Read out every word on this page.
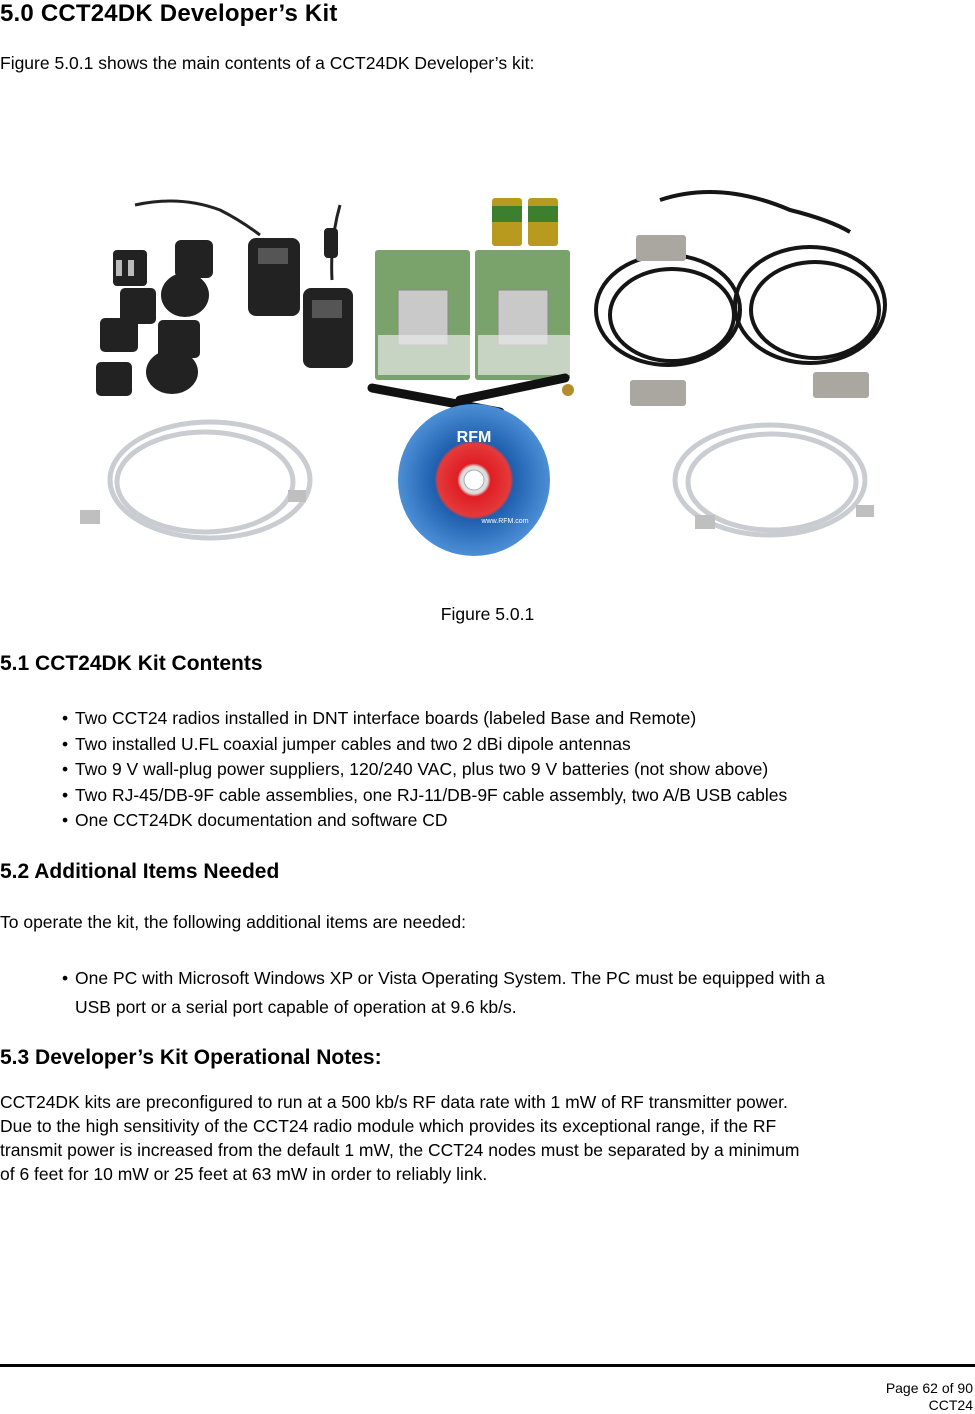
5.0 CCT24DK Developer’s Kit
Figure 5.0.1 shows the main contents of a CCT24DK Developer’s kit:
RFM
www.RFM.com
Figure 5.0.1
5.1 CCT24DK Kit Contents
• Two CCT24 radios installed in DNT interface boards (labeled Base and Remote)
• Two installed U.FL coaxial jumper cables and two 2 dBi dipole antennas
• Two 9 V wall-plug power suppliers, 120/240 VAC, plus two 9 V batteries (not show above)
• Two RJ-45/DB-9F cable assemblies, one RJ-11/DB-9F cable assembly, two A/B USB cables
• One CCT24DK documentation and software CD
5.2 Additional Items Needed
To operate the kit, the following additional items are needed:
• One PC with Microsoft Windows XP or Vista Operating System. The PC must be equipped with a
USB port or a serial port capable of operation at 9.6 kb/s.
5.3 Developer’s Kit Operational Notes:
CCT24DK kits are preconfigured to run at a 500 kb/s RF data rate with 1 mW of RF transmitter power.
Due to the high sensitivity of the CCT24 radio module which provides its exceptional range, if the RF
transmit power is increased from the default 1 mW, the CCT24 nodes must be separated by a minimum
of 6 feet for 10 mW or 25 feet at 63 mW in order to reliably link.
Page 62 of 90
CCT24
